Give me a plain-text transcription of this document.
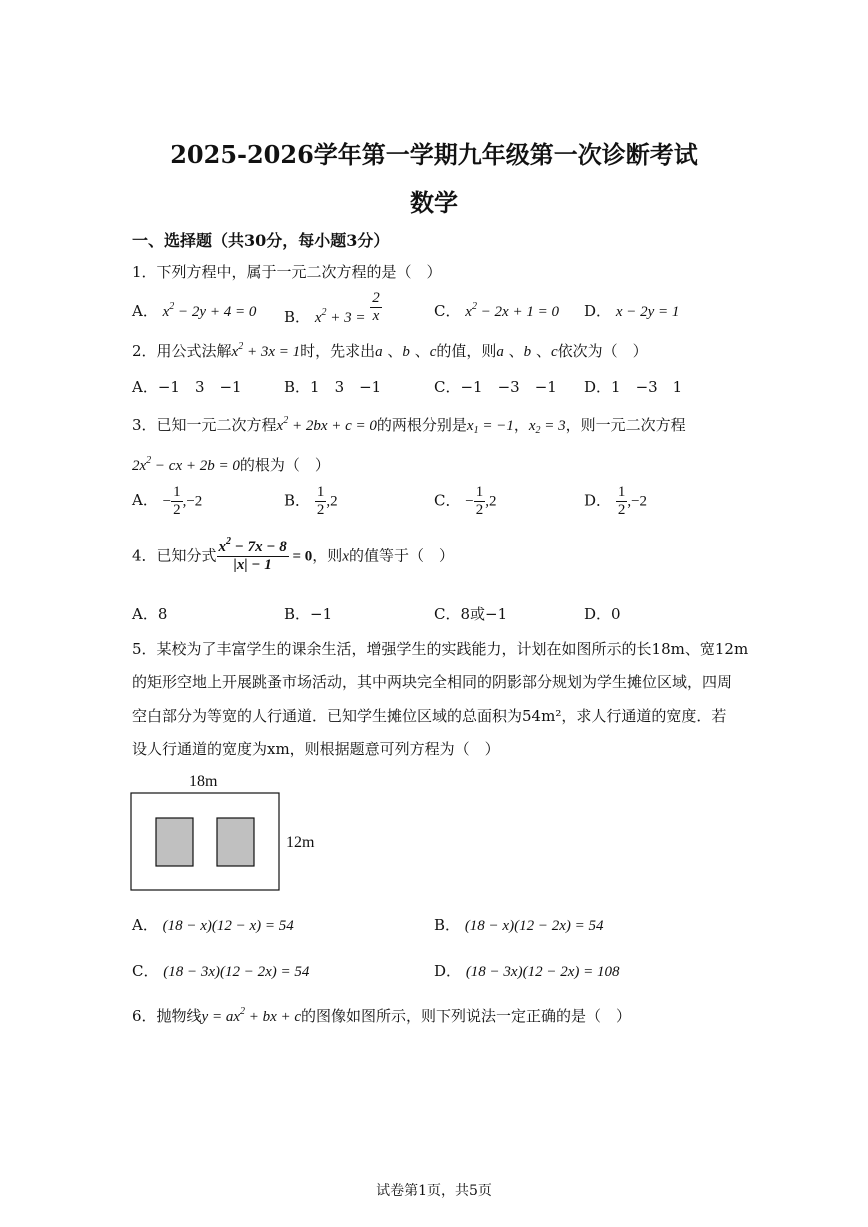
2025-2026学年第一学期九年级第一次诊断考试
数学
一、选择题（共30分，每小题3分）
1．下列方程中，属于一元二次方程的是（　）
A． $x^2 - 2y + 4 = 0$ B． $x^2 + 3 = \frac{2}{x}$	C． $x^2 - 2x + 1 = 0$ D． x − 2y = 1
2．用公式法解$x^2 + 3x = 1$时，先求出a 、b 、c的值，则a 、b 、c依次为（　）
A．−1　3　−1	B．1　3　−1	C．−1　−3　−1 D．1　−3　1
3．已知一元二次方程$x^2 + 2bx + c = 0$的两根分别是$x_1 = -1$，$x_2 = 3$，则一元二次方程
$2x^2$ − cx + 2b = 0的根为（　）
A． − $\frac{1}{2} ,-2$	B． $\frac{1}{2} ,2$	C． − $\frac{1}{2} ,2$	D． $\frac{1}{2} ,-2$
4．已知分式 $\frac{x^2 - 7x - 8}{|x| - 1} = 0$，则x的值等于（　）
A．8	B．−1	C．8或−1	D．0
5．某校为了丰富学生的课余生活，增强学生的实践能力，计划在如图所示的长18m、宽12m
的矩形空地上开展跳蚤市场活动，其中两块完全相同的阴影部分规划为学生摊位区域，四周
空白部分为等宽的人行通道．已知学生摊位区域的总面积为54m²，求人行通道的宽度．若
设人行通道的宽度为xm，则根据题意可列方程为（　）
18m
12m
A． (18 − x)(12 − x) = 54	B． (18 − x)(12 − 2x) = 54
C． (18 − 3x)(12 − 2x) = 54	D． (18 − 3x)(12 − 2x) = 108
6．抛物线$y = ax^2$ + bx + c的图像如图所示，则下列说法一定正确的是（　）
试卷第1页，共5页
